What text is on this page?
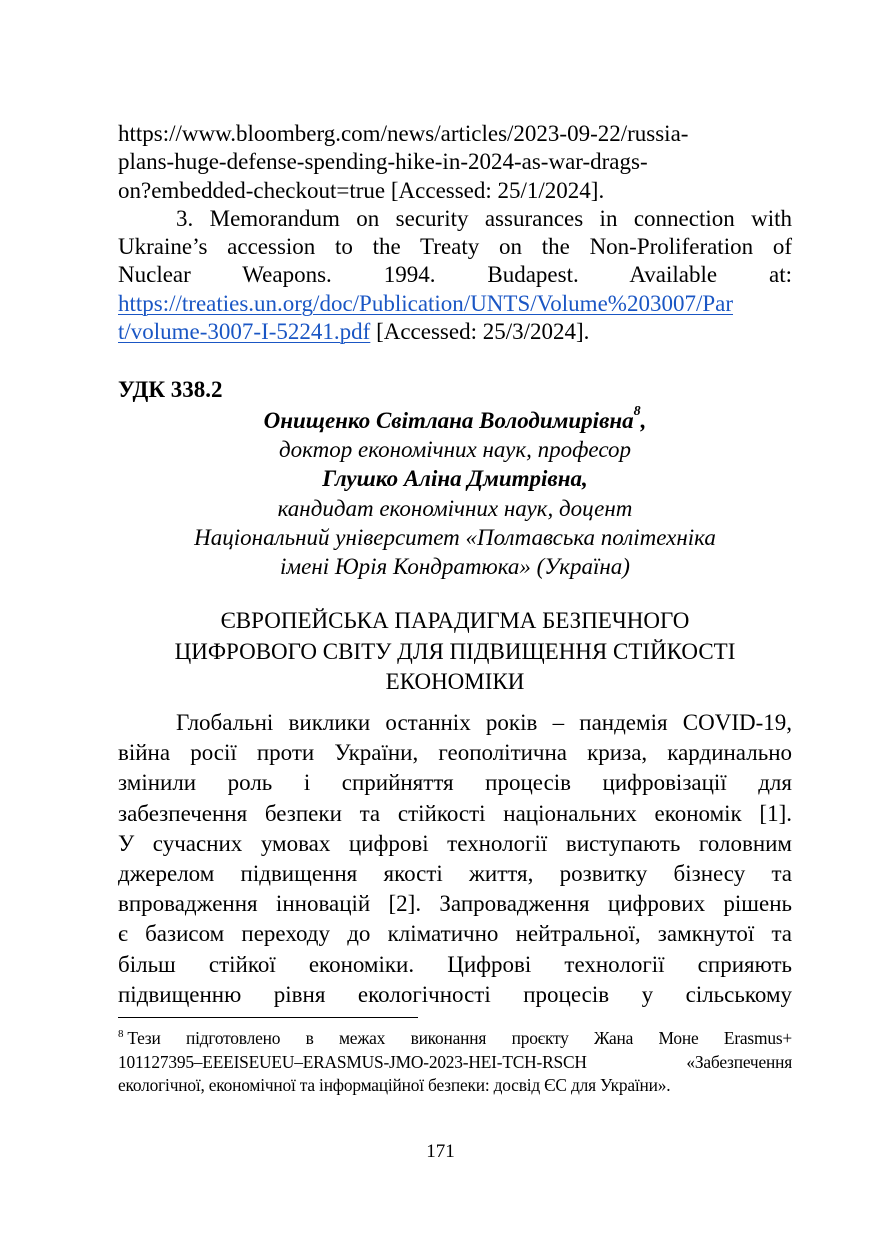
https://www.bloomberg.com/news/articles/2023-09-22/russia-
plans-huge-defense-spending-hike-in-2024-as-war-drags-
on?embedded-checkout=true [Accessed: 25/1/2024].
3. Memorandum on security assurances in connection with
Ukraine’s accession to the Treaty on the Non-Proliferation of
Nuclear Weapons. 1994. Budapest. Available at:
https://treaties.un.org/doc/Publication/UNTS/Volume%203007/Par
t/volume-3007-I-52241.pdf [Accessed: 25/3/2024].
УДК 338.2
Онищенко Світлана Володимирівна$^8$,
доктор економічних наук, професор
Глушко Аліна Дмитрівна,
кандидат економічних наук, доцент
Національний університет «Полтавська політехніка
імені Юрія Кондратюка» (Україна)
ЄВРОПЕЙСЬКА ПАРАДИГМА БЕЗПЕЧНОГО
ЦИФРОВОГО СВІТУ ДЛЯ ПІДВИЩЕННЯ СТІЙКОСТІ
ЕКОНОМІКИ
Глобальні виклики останніх років – пандемія COVID-19,
війна росії проти України, геополітична криза, кардинально
змінили роль і сприйняття процесів цифровізації для
забезпечення безпеки та стійкості національних економік [1].
У сучасних умовах цифрові технології виступають головним
джерелом підвищення якості життя, розвитку бізнесу та
впровадження інновацій [2]. Запровадження цифрових рішень
є базисом переходу до кліматично нейтральної, замкнутої та
більш стійкої економіки. Цифрові технології сприяють
підвищенню рівня екологічності процесів у сільському
$^8$ Тези підготовлено в межах виконання проєкту Жана Моне Erasmus+
101127395–EEEISEUEU–ERASMUS-JMO-2023-HEI-TCH-RSCH «Забезпечення
екологічної, економічної та інформаційної безпеки: досвід ЄС для України».
171
